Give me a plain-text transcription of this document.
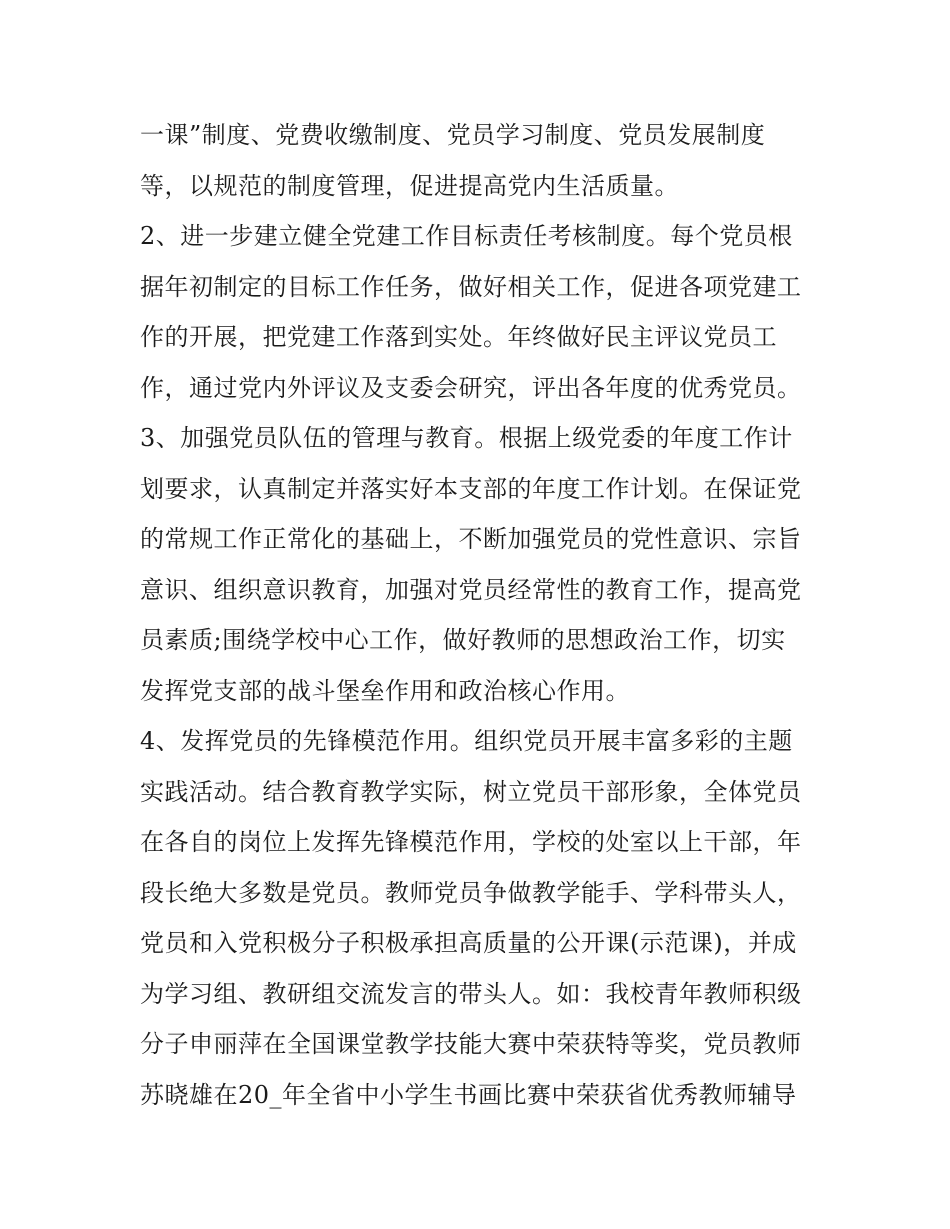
一课”制度、党费收缴制度、党员学习制度、党员发展制度
等，以规范的制度管理，促进提高党内生活质量。
2、进一步建立健全党建工作目标责任考核制度。每个党员根
据年初制定的目标工作任务，做好相关工作，促进各项党建工
作的开展，把党建工作落到实处。年终做好民主评议党员工
作，通过党内外评议及支委会研究，评出各年度的优秀党员。
3、加强党员队伍的管理与教育。根据上级党委的年度工作计
划要求，认真制定并落实好本支部的年度工作计划。在保证党
的常规工作正常化的基础上，不断加强党员的党性意识、宗旨
意识、组织意识教育，加强对党员经常性的教育工作，提高党
员素质;围绕学校中心工作，做好教师的思想政治工作，切实
发挥党支部的战斗堡垒作用和政治核心作用。
4、发挥党员的先锋模范作用。组织党员开展丰富多彩的主题
实践活动。结合教育教学实际，树立党员干部形象，全体党员
在各自的岗位上发挥先锋模范作用，学校的处室以上干部，年
段长绝大多数是党员。教师党员争做教学能手、学科带头人，
党员和入党积极分子积极承担高质量的公开课(示范课)，并成
为学习组、教研组交流发言的带头人。如：我校青年教师积级
分子申丽萍在全国课堂教学技能大赛中荣获特等奖，党员教师
苏晓雄在20_年全省中小学生书画比赛中荣获省优秀教师辅导
